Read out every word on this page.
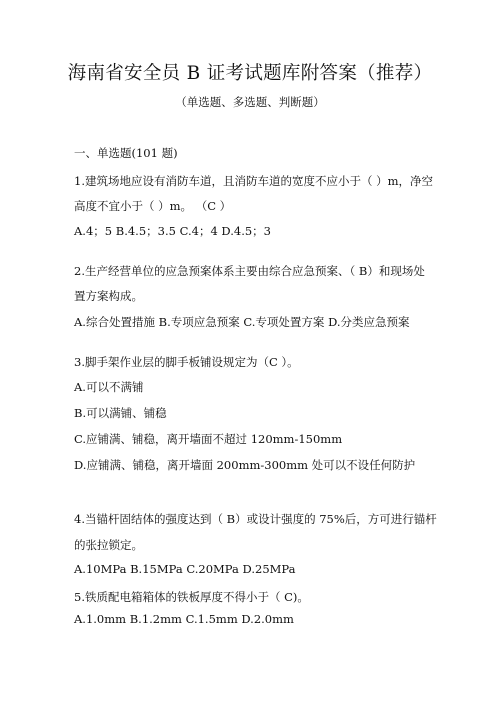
海南省安全员 B 证考试题库附答案（推荐）
（单选题、多选题、判断题）
一、单选题(101 题)
1.建筑场地应设有消防车道，且消防车道的宽度不应小于（ ）m，净空
高度不宜小于（ ）m。 （C ）
A.4；5 B.4.5；3.5 C.4；4 D.4.5；3
2.生产经营单位的应急预案体系主要由综合应急预案、（ B）和现场处
置方案构成。
A.综合处置措施 B.专项应急预案 C.专项处置方案 D.分类应急预案
3.脚手架作业层的脚手板铺设规定为（C ）。
A.可以不满铺
B.可以满铺、铺稳
C.应铺满、铺稳，离开墙面不超过 120mm-150mm
D.应铺满、铺稳，离开墙面 200mm-300mm 处可以不设任何防护
4.当锚杆固结体的强度达到（ B）或设计强度的 75%后，方可进行锚杆
的张拉锁定。
A.10MPa B.15MPa C.20MPa D.25MPa
5.铁质配电箱箱体的铁板厚度不得小于（ C)。
A.1.0mm B.1.2mm C.1.5mm D.2.0mm
